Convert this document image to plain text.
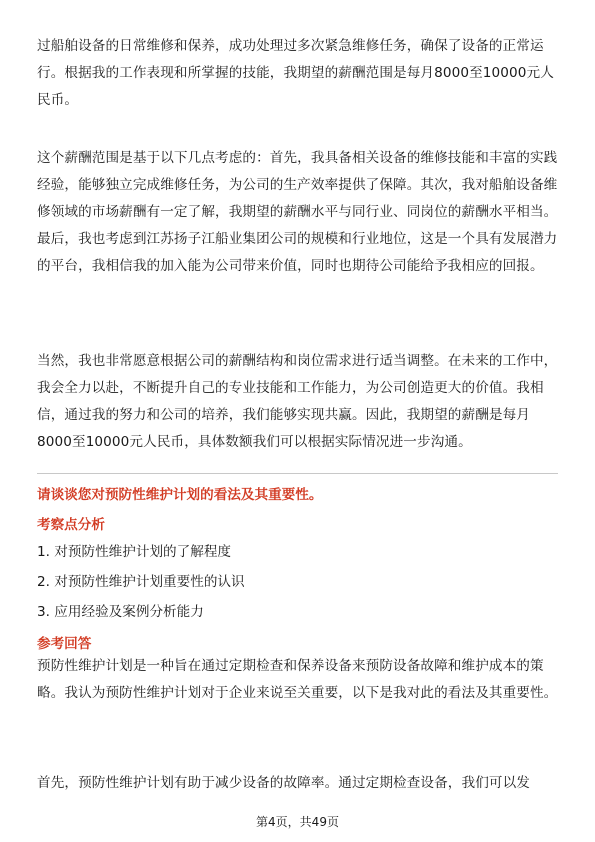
过船舶设备的日常维修和保养，成功处理过多次紧急维修任务，确保了设备的正常运行。根据我的工作表现和所掌握的技能，我期望的薪酬范围是每月8000至10000元人民币。

这个薪酬范围是基于以下几点考虑的：首先，我具备相关设备的维修技能和丰富的实践经验，能够独立完成维修任务，为公司的生产效率提供了保障。其次，我对船舶设备维修领域的市场薪酬有一定了解，我期望的薪酬水平与同行业、同岗位的薪酬水平相当。最后，我也考虑到江苏扬子江船业集团公司的规模和行业地位，这是一个具有发展潜力的平台，我相信我的加入能为公司带来价值，同时也期待公司能给予我相应的回报。

当然，我也非常愿意根据公司的薪酬结构和岗位需求进行适当调整。在未来的工作中，我会全力以赴，不断提升自己的专业技能和工作能力，为公司创造更大的价值。我相信，通过我的努力和公司的培养，我们能够实现共赢。因此，我期望的薪酬是每月8000至10000元人民币，具体数额我们可以根据实际情况进一步沟通。

请谈谈您对预防性维护计划的看法及其重要性。

考察点分析

1. 对预防性维护计划的了解程度
2. 对预防性维护计划重要性的认识
3. 应用经验及案例分析能力

参考回答

预防性维护计划是一种旨在通过定期检查和保养设备来预防设备故障和维护成本的策略。我认为预防性维护计划对于企业来说至关重要，以下是我对此的看法及其重要性。

首先，预防性维护计划有助于减少设备的故障率。通过定期检查设备，我们可以发

第4页，共49页
